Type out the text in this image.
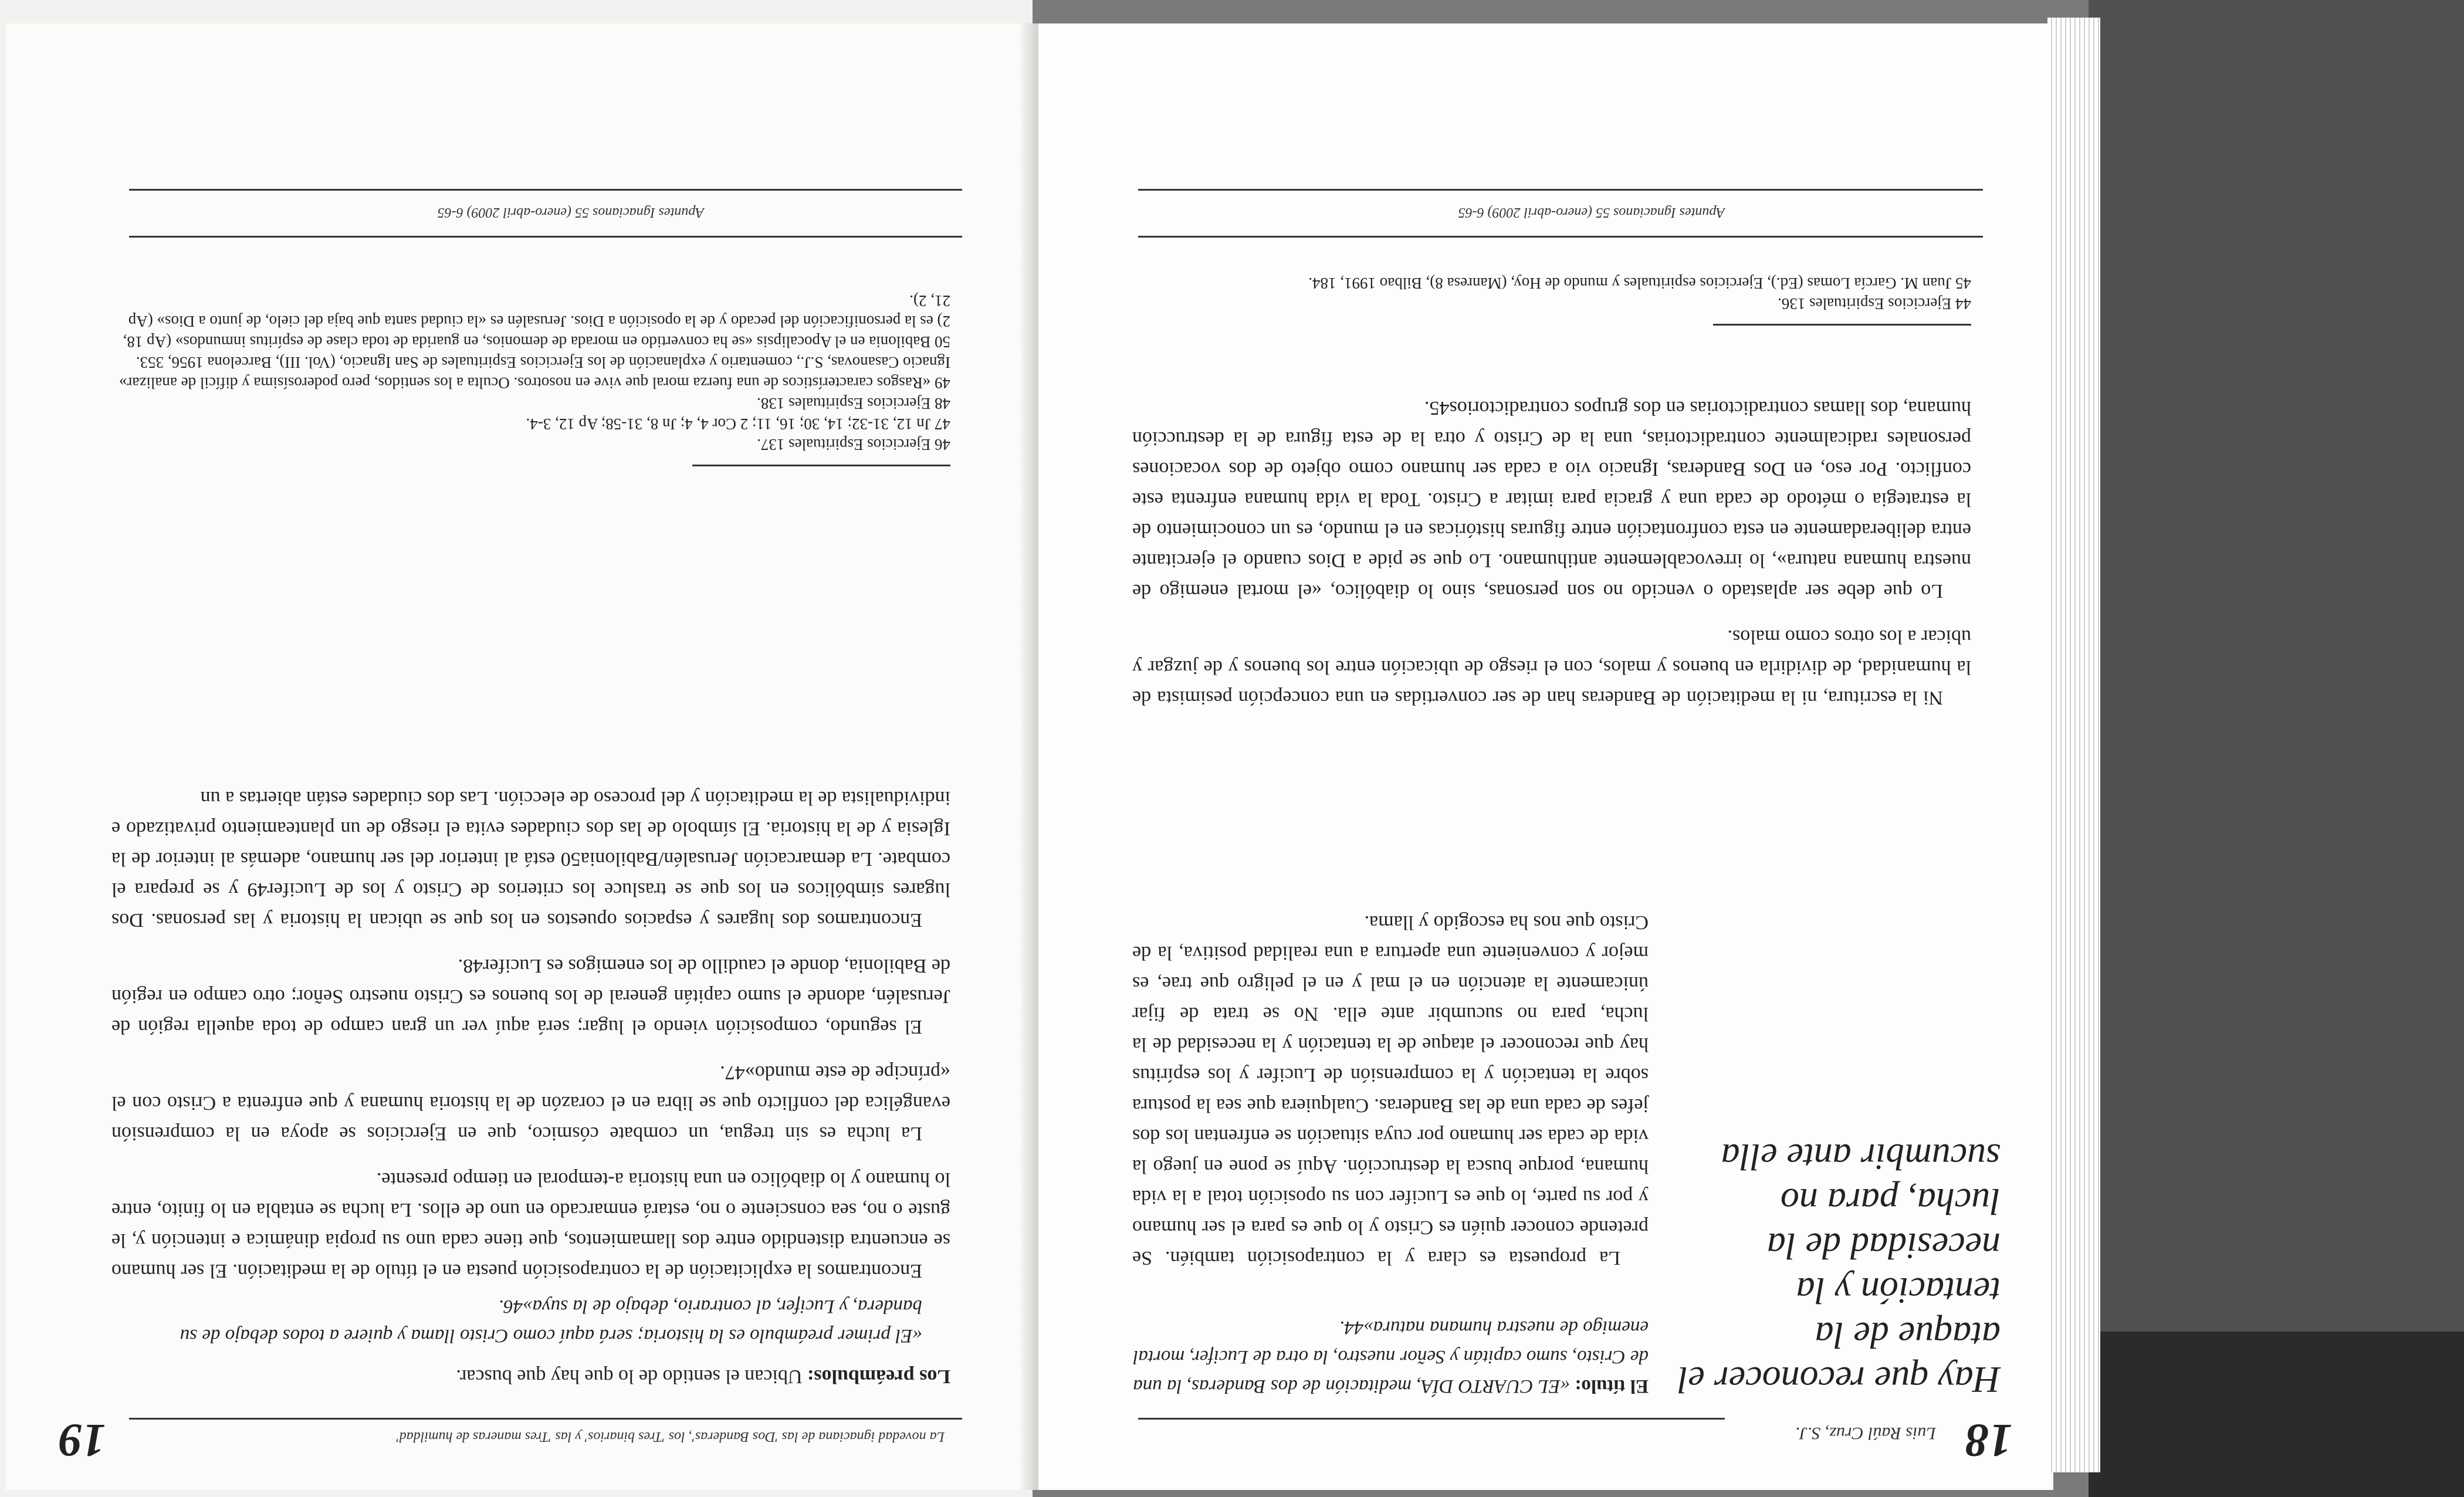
19	La novedad ignaciana de las 'Dos Banderas', los 'Tres binarios' y las 'Tres maneras de humildad'

Los preámbulos: Ubican el sentido de lo que hay que buscar.

«El primer preámbulo es la historia; será aquí como Cristo llama y quiere a todos debajo de su bandera, y Lucifer, al contrario, debajo de la suya»46.

Encontramos la explicitación de la contraposición puesta en el título de la meditación. El ser humano se encuentra distendido entre dos llamamientos, que tiene cada uno su propia dinámica e intención y, le guste o no, sea consciente o no, estará enmarcado en uno de ellos. La lucha se entabla en lo finito, entre lo humano y lo diabólico en una historia a-temporal en tiempo presente.

La lucha es sin tregua, un combate cósmico, que en Ejercicios se apoya en la comprensión evangélica del conflicto que se libra en el corazón de la historia humana y que enfrenta a Cristo con el «príncipe de este mundo»47.

El segundo, composición viendo el lugar; será aquí ver un gran campo de toda aquella región de Jerusalén, adonde el sumo capitán general de los buenos es Cristo nuestro Señor; otro campo en región de Babilonia, donde el caudillo de los enemigos es Lucifer48.

Encontramos dos lugares y espacios opuestos en los que se ubican la historia y las personas. Dos lugares simbólicos en los que se trasluce los criterios de Cristo y los de Lucifer49 y se prepara el combate. La demarcación Jerusalén/Babilonia50 está al interior del ser humano, además al interior de la Iglesia y de la historia. El símbolo de las dos ciudades evita el riesgo de un planteamiento privatizado e individualista de la meditación y del proceso de elección. Las dos ciudades están abiertas a un

46 Ejercicios Espirituales 137.

47 Jn 12, 31-32; 14, 30; 16, 11; 2 Cor 4, 4; Jn 8, 31-58; Ap 12, 3-4.

48 Ejercicios Espirituales 138.

49 «Rasgos característicos de una fuerza moral que vive en nosotros. Oculta a los sentidos, pero poderosísima y difícil de analizar» Ignacio Casanovas, S.J., comentario y explanación de los Ejercicios Espirituales de San Ignacio, (Vol. III), Barcelona 1956, 353.

50 Babilonia en el Apocalipsis «se ha convertido en morada de demonios, en guarida de toda clase de espíritus inmundos» (Ap 18, 2) es la personificación del pecado y de la oposición a Dios. Jerusalén es «la ciudad santa que baja del cielo, de junto a Dios» (Ap 21, 2).

Apuntes Ignacianos 55 (enero-abril 2009) 6-65
18
Luis Raúl Cruz, S.J.
Hay que reconocer el ataque de la tentación y la necesidad de la lucha, para no sucumbir ante ella

El título: «EL CUARTO DÍA, meditación de dos Banderas, la una de Cristo, sumo capitán y Señor nuestro, la otra de Lucifer, mortal enemigo de nuestra humana natura»44.

La propuesta es clara y la contraposición también. Se pretende conocer quién es Cristo y lo que es para el ser humano y por su parte, lo que es Lucifer con su oposición total a la vida humana, porque busca la destrucción. Aquí se pone en juego la vida de cada ser humano por cuya situación se enfrentan los dos jefes de cada una de las Banderas. Cualquiera que sea la postura sobre la tentación y la comprensión de Lucifer y los espíritus hay que reconocer el ataque de la tentación y la necesidad de la lucha, para no sucumbir ante ella. No se trata de fijar únicamente la atención en el mal y en el peligro que trae, es mejor y conveniente una apertura a una realidad positiva, la de Cristo que nos ha escogido y llama.

Ni la escritura, ni la meditación de Banderas han de ser convertidas en una concepción pesimista de la humanidad, de dividirla en buenos y malos, con el riesgo de ubicación entre los buenos y de juzgar y ubicar a los otros como malos.

Lo que debe ser aplastado o vencido no son personas, sino lo diabólico, «el mortal enemigo de nuestra humana natura», lo irrevocablemente antihumano. Lo que se pide a Dios cuando el ejercitante entra deliberadamente en esta confrontación entre figuras históricas en el mundo, es un conocimiento de la estrategia o método de cada una y gracia para imitar a Cristo. Toda la vida humana enfrenta este conflicto. Por eso, en Dos Banderas, Ignacio vio a cada ser humano como objeto de dos vocaciones personales radicalmente contradictorias, una la de Cristo y otra la de esta figura de la destrucción humana, dos llamas contradictorias en dos grupos contradictorios45.

44 Ejercicios Espirituales 136.

45 Juan M. García Lomas (Ed.), Ejercicios espirituales y mundo de Hoy, (Manresa 8), Bilbao 1991, 184.

Apuntes Ignacianos 55 (enero-abril 2009) 6-65
